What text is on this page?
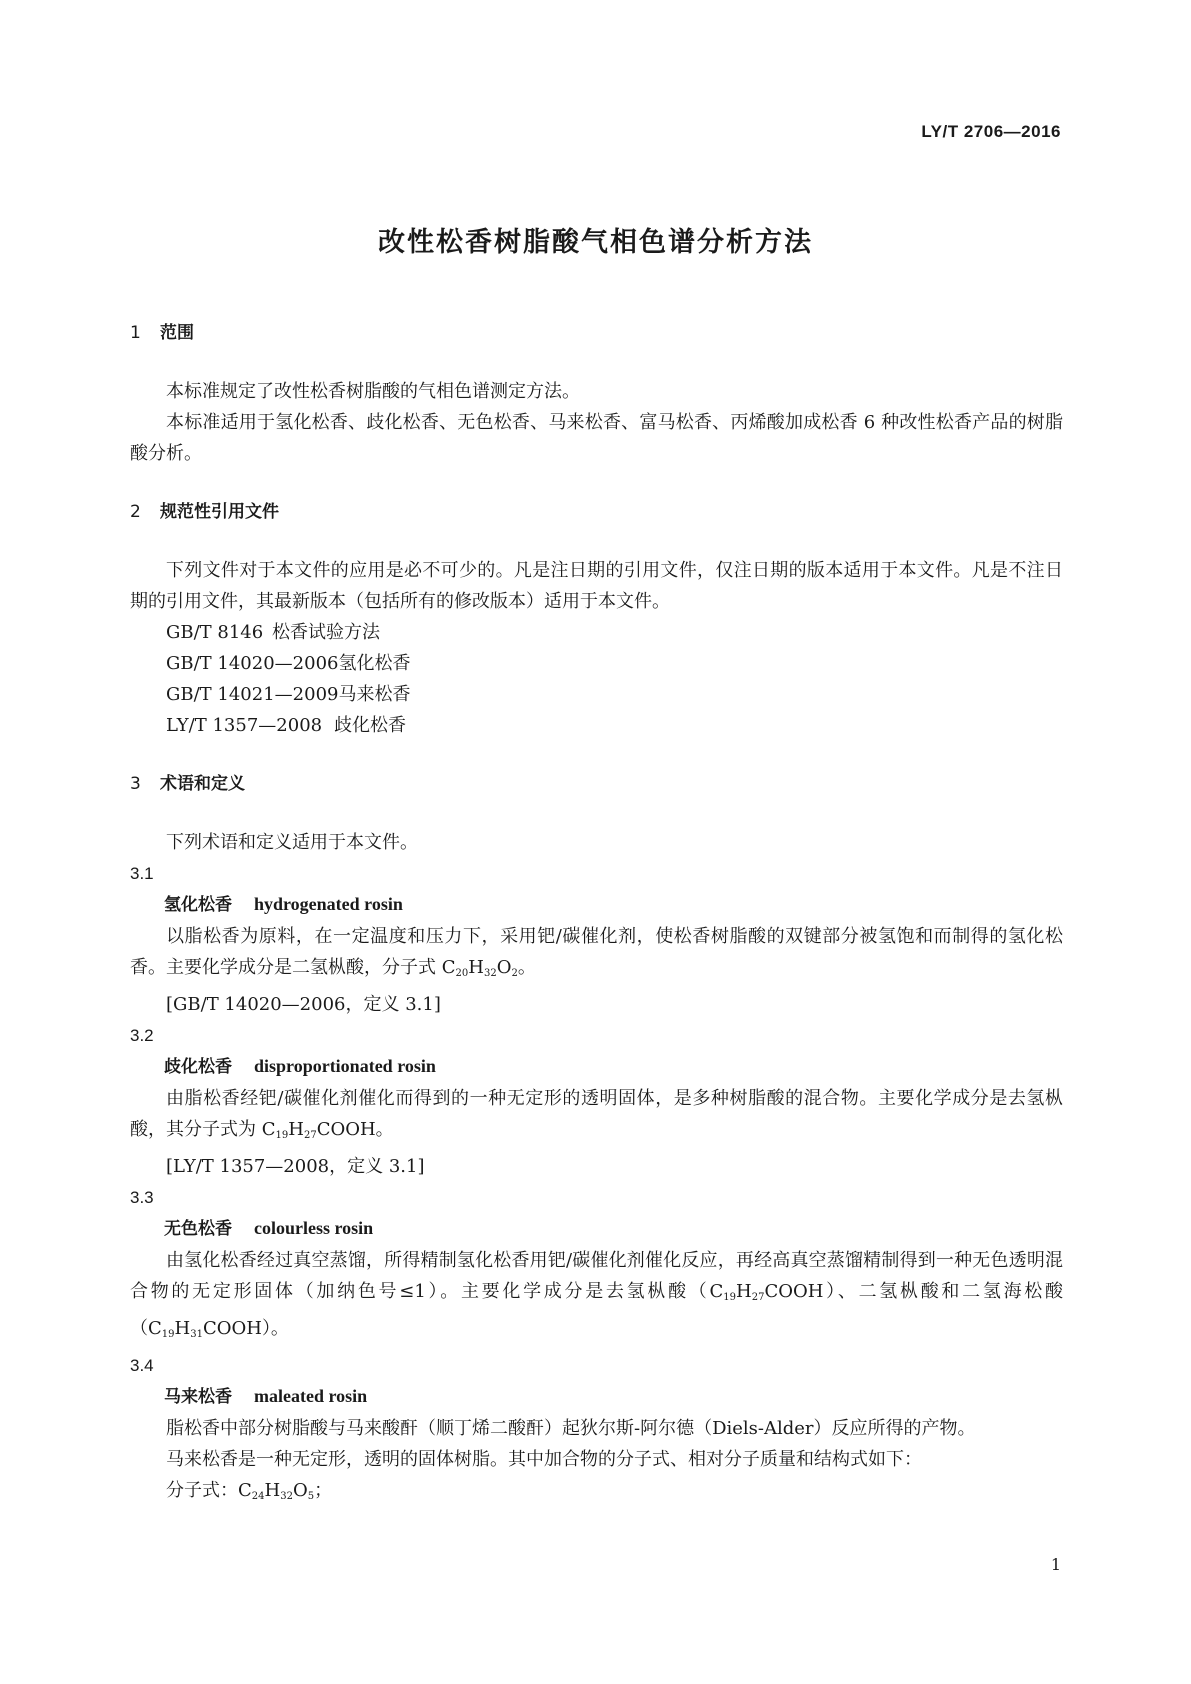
LY/T 2706—2016
改性松香树脂酸气相色谱分析方法

1 范围

本标准规定了改性松香树脂酸的气相色谱测定方法。

本标准适用于氢化松香、歧化松香、无色松香、马来松香、富马松香、丙烯酸加成松香 6 种改性松香产品的树脂酸分析。

2 规范性引用文件

下列文件对于本文件的应用是必不可少的。凡是注日期的引用文件，仅注日期的版本适用于本文件。凡是不注日期的引用文件，其最新版本（包括所有的修改版本）适用于本文件。

GB/T 8146 松香试验方法

GB/T 14020—2006氢化松香

GB/T 14021—2009马来松香

LY/T 1357—2008 歧化松香

3 术语和定义

下列术语和定义适用于本文件。

3.1

氢化松香 hydrogenated rosin

以脂松香为原料，在一定温度和压力下，采用钯/碳催化剂，使松香树脂酸的双键部分被氢饱和而制得的氢化松香。主要化学成分是二氢枞酸，分子式 $C_{20}H_{32}O_2$。

[GB/T 14020—2006，定义 3.1]

3.2

歧化松香 disproportionated rosin

由脂松香经钯/碳催化剂催化而得到的一种无定形的透明固体，是多种树脂酸的混合物。主要化学成分是去氢枞酸，其分子式为 $C_{19}H_{27}COOH$。

[LY/T 1357—2008，定义 3.1]

3.3

无色松香 colourless rosin

由氢化松香经过真空蒸馏，所得精制氢化松香用钯/碳催化剂催化反应，再经高真空蒸馏精制得到一种无色透明混合物的无定形固体（加纳色号≤1）。主要化学成分是去氢枞酸$(C_{19}H_{27}COOH)$、二氢枞酸和二氢海松酸$(C_{19}H_{31}COOH)$。

3.4

马来松香 maleated rosin

脂松香中部分树脂酸与马来酸酐（顺丁烯二酸酐）起狄尔斯-阿尔德（Diels-Alder）反应所得的产物。

马来松香是一种无定形，透明的固体树脂。其中加合物的分子式、相对分子质量和结构式如下：

分子式：$C_{24}H_{32}O_5$；

1
